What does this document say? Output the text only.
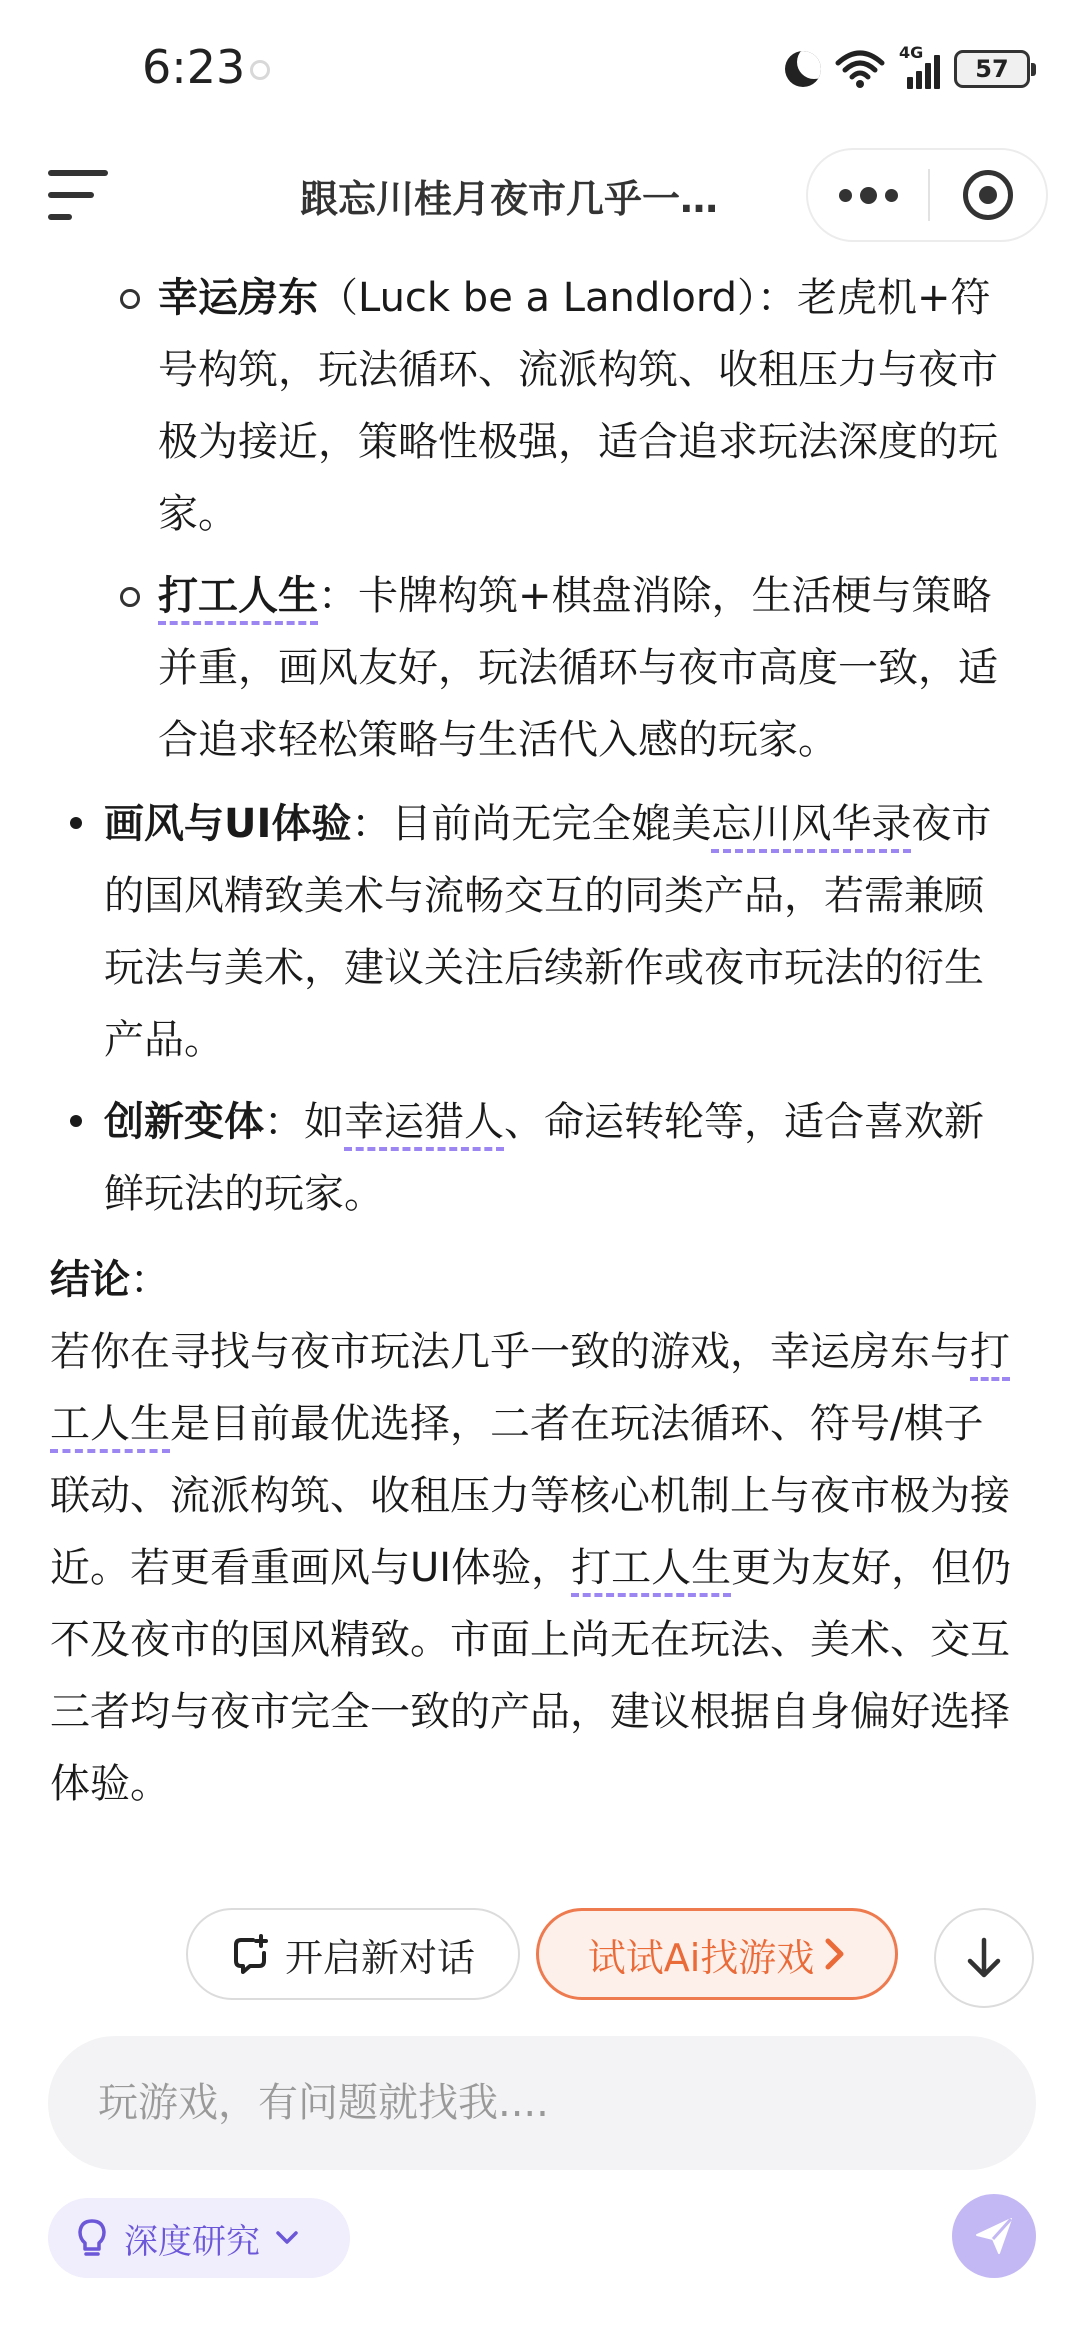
6:23	4G
57
跟忘川桂月夜市几乎一…
幸运房东（Luck be a Landlord）：老虎机+符号构筑，玩法循环、流派构筑、收租压力与夜市极为接近，策略性极强，适合追求玩法深度的玩家。
打工人生：卡牌构筑+棋盘消除，生活梗与策略并重，画风友好，玩法循环与夜市高度一致，适合追求轻松策略与生活代入感的玩家。
画风与UI体验：目前尚无完全媲美忘川风华录夜市的国风精致美术与流畅交互的同类产品，若需兼顾玩法与美术，建议关注后续新作或夜市玩法的衍生产品。
创新变体：如幸运猎人、命运转轮等，适合喜欢新鲜玩法的玩家。
结论：
若你在寻找与夜市玩法几乎一致的游戏，幸运房东与打工人生是目前最优选择，二者在玩法循环、符号/棋子联动、流派构筑、收租压力等核心机制上与夜市极为接近。若更看重画风与UI体验，打工人生更为友好，但仍不及夜市的国风精致。市面上尚无在玩法、美术、交互三者均与夜市完全一致的产品，建议根据自身偏好选择体验。
开启新对话	试试Ai找游戏
玩游戏，有问题就找我....
深度研究
